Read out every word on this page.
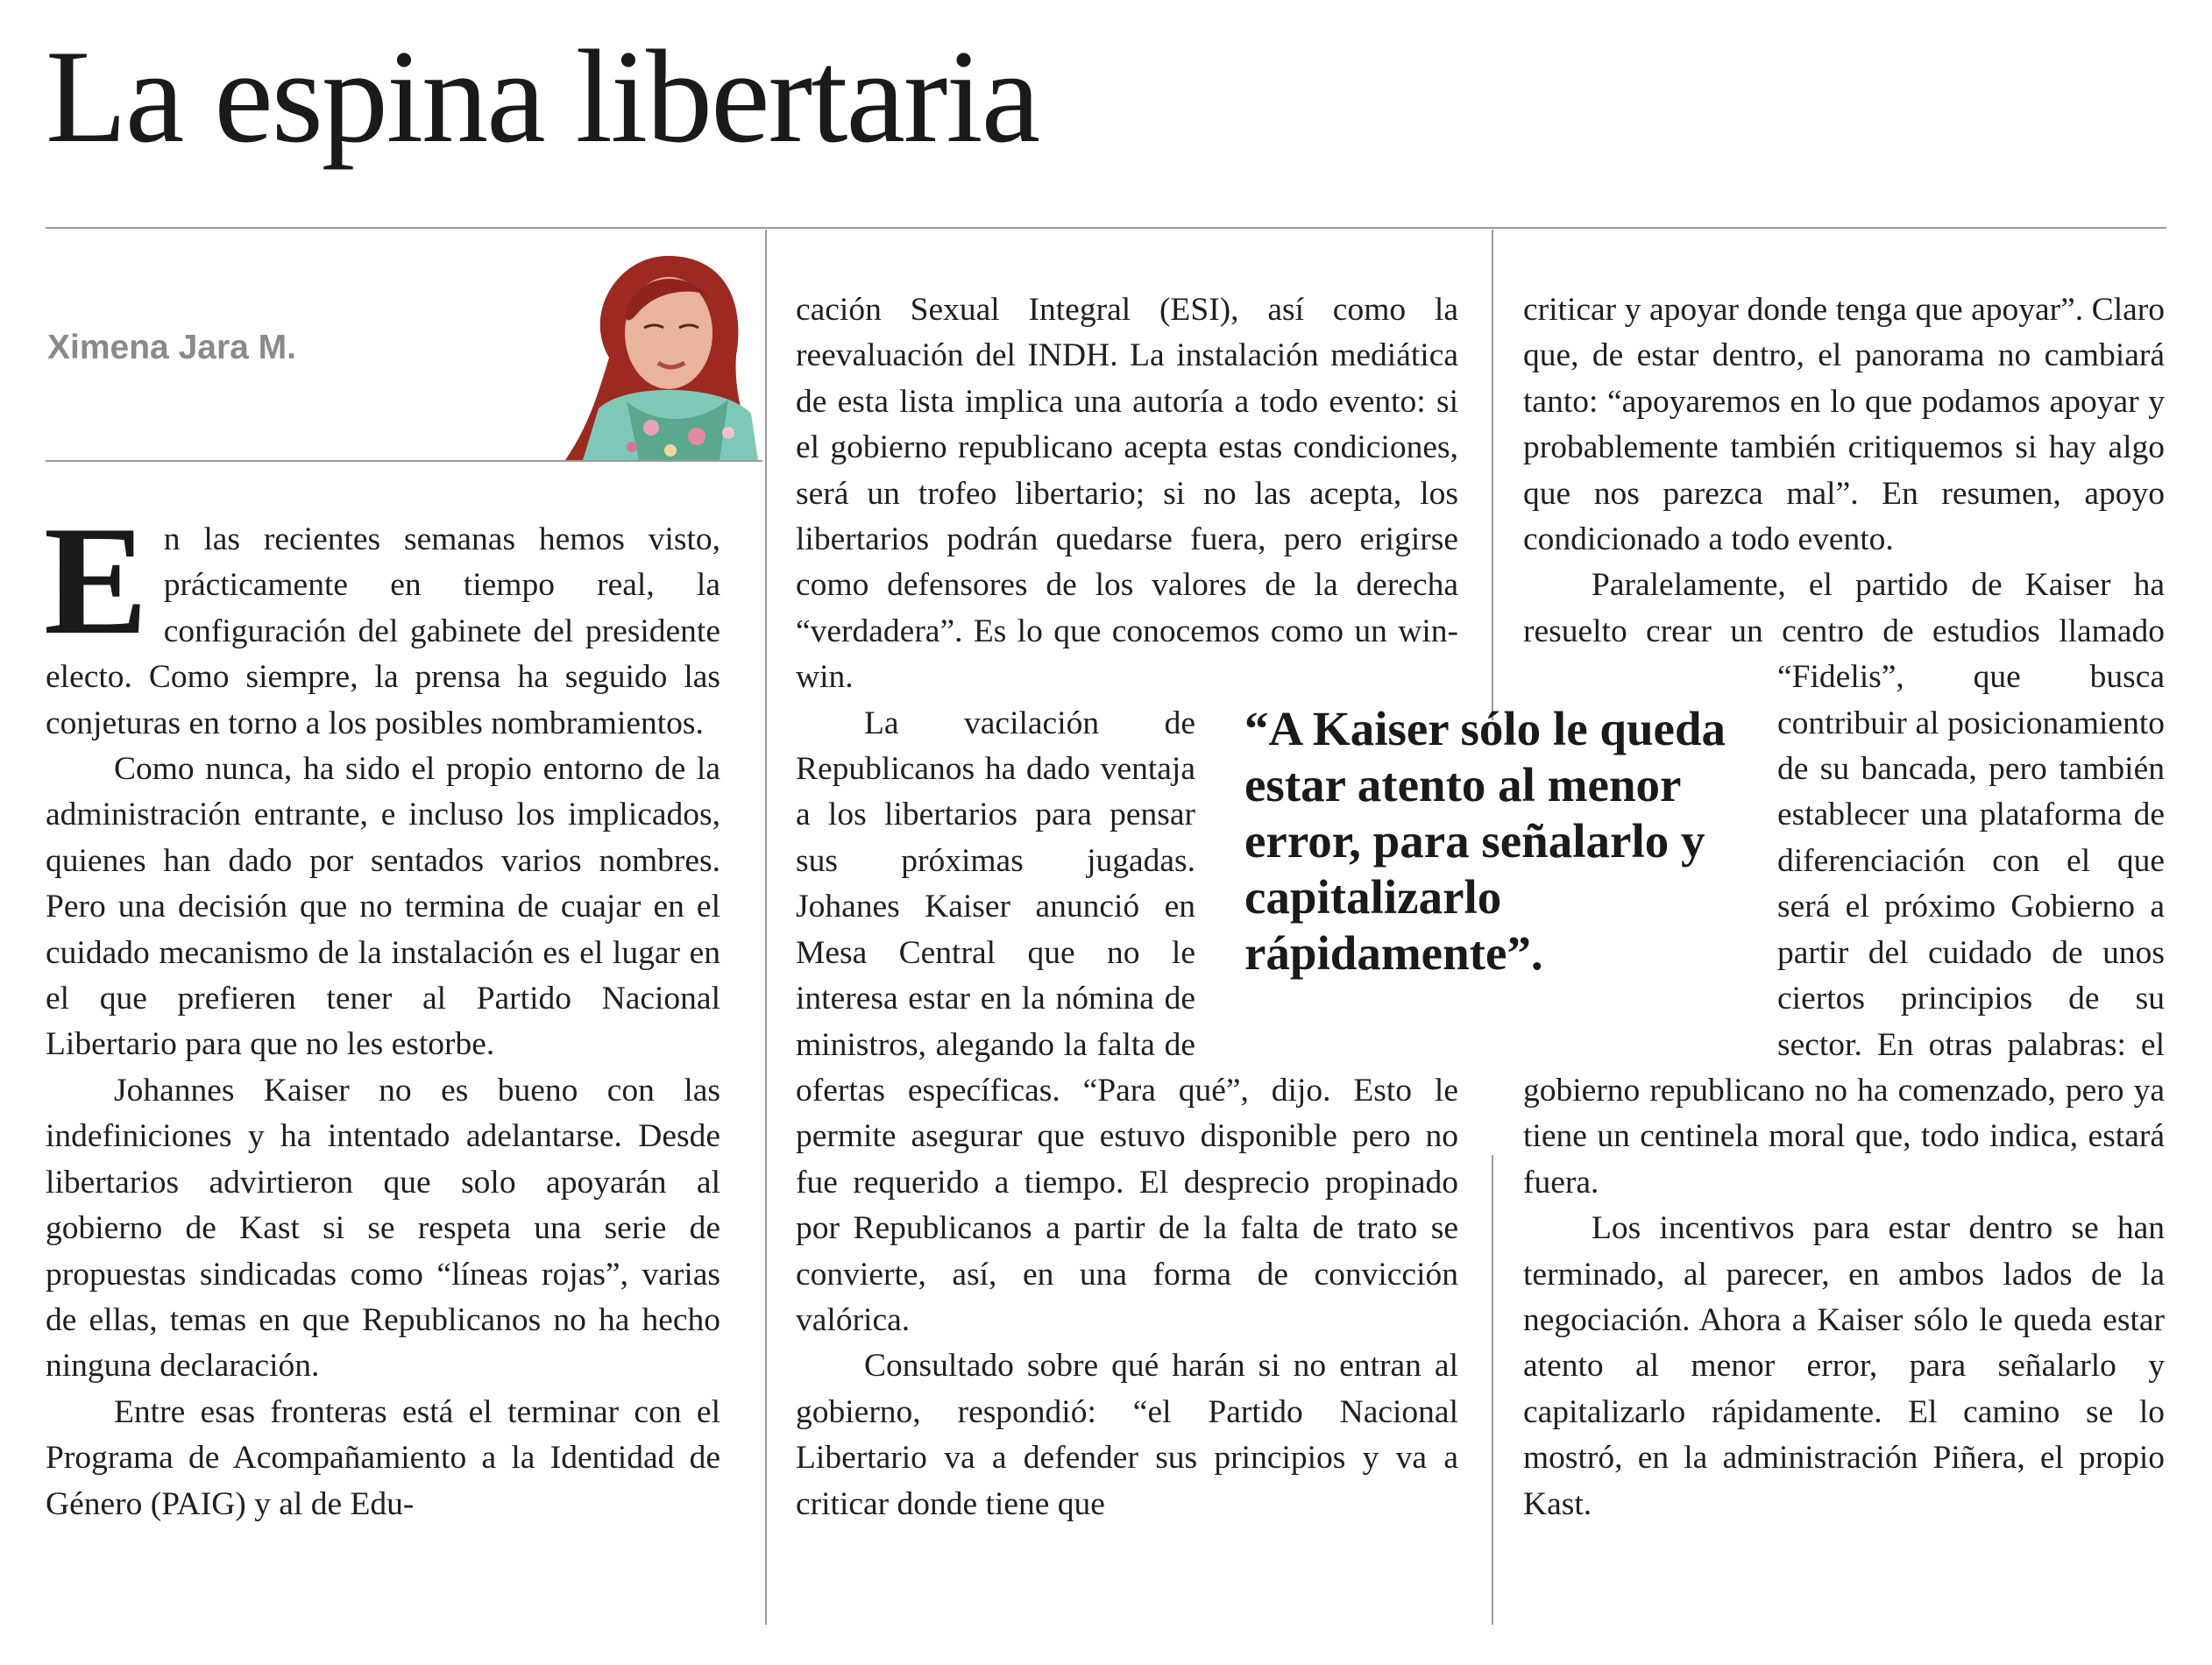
La espina libertaria
Ximena Jara M.

En las recientes semanas hemos visto, prácticamente en tiempo real, la configuración del gabinete del presidente electo. Como siempre, la prensa ha seguido las conjeturas en torno a los posibles nombramientos.

Como nunca, ha sido el propio entorno de la administración entrante, e incluso los implicados, quienes han dado por sentados varios nombres. Pero una decisión que no termina de cuajar en el cuidado mecanismo de la instalación es el lugar en el que prefieren tener al Partido Nacional Libertario para que no les estorbe.

Johannes Kaiser no es bueno con las indefiniciones y ha intentado adelantarse. Desde libertarios advirtieron que solo apoyarán al gobierno de Kast si se respeta una serie de propuestas sindicadas como “líneas rojas”, varias de ellas, temas en que Republicanos no ha hecho ninguna declaración.

Entre esas fronteras está el terminar con el Programa de Acompañamiento a la Identidad de Género (PAIG) y al de Edu-

cación Sexual Integral (ESI), así como la reevaluación del INDH. La instalación mediática de esta lista implica una autoría a todo evento: si el gobierno republicano acepta estas condiciones, será un trofeo libertario; si no las acepta, los libertarios podrán quedarse fuera, pero erigirse como defensores de los valores de la derecha “verdadera”. Es lo que conocemos como un win-win.

La vacilación de Republicanos ha dado ventaja a los libertarios para pensar sus próximas jugadas. Johanes Kaiser anunció en Mesa Central que no le interesa estar en la nómina de ministros, alegando la falta de ofertas específicas. “Para qué”, dijo. Esto le permite asegurar que estuvo disponible pero no fue requerido a tiempo. El desprecio propinado por Republicanos a partir de la falta de trato se convierte, así, en una forma de convicción valórica.

Consultado sobre qué harán si no entran al gobierno, respondió: “el Partido Nacional Libertario va a defender sus principios y va a criticar donde tiene que

criticar y apoyar donde tenga que apoyar”. Claro que, de estar dentro, el panorama no cambiará tanto: “apoyaremos en lo que podamos apoyar y probablemente también critiquemos si hay algo que nos parezca mal”. En resumen, apoyo condicionado a todo evento.

Paralelamente, el partido de Kaiser ha resuelto crear un centro de estudios llamado “Fidelis”, que busca contribuir al posicionamiento de su bancada, pero también establecer una plataforma de diferenciación con el que será el próximo Gobierno a partir del cuidado de unos ciertos principios de su sector. En otras palabras: el gobierno republicano no ha comenzado, pero ya tiene un centinela moral que, todo indica, estará fuera.

Los incentivos para estar dentro se han terminado, al parecer, en ambos lados de la negociación. Ahora a Kaiser sólo le queda estar atento al menor error, para señalarlo y capitalizarlo rápidamente. El camino se lo mostró, en la administración Piñera, el propio Kast.

“A Kaiser sólo le queda estar atento al menor error, para señalarlo y capitalizarlo rápidamente”.
